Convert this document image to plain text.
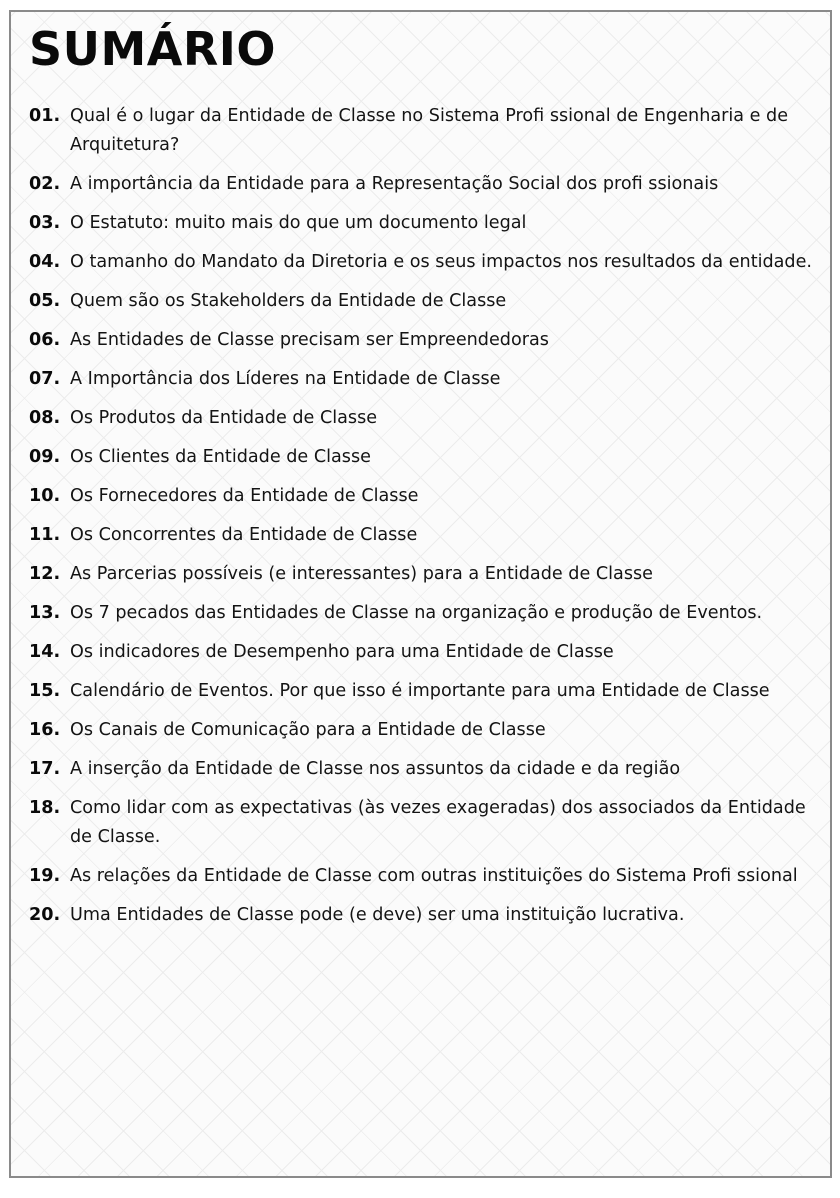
SUMÁRIO
01. Qual é o lugar da Entidade de Classe no Sistema Profi ssional de Engenharia e de Arquitetura?
02. A importância da Entidade para a Representação Social dos profi ssionais
03. O Estatuto: muito mais do que um documento legal
04. O tamanho do Mandato da Diretoria e os seus impactos nos resultados da entidade.
05. Quem são os Stakeholders da Entidade de Classe
06. As Entidades de Classe precisam ser Empreendedoras
07. A Importância dos Líderes na Entidade de Classe
08. Os Produtos da Entidade de Classe
09. Os Clientes da Entidade de Classe
10. Os Fornecedores da Entidade de Classe
11. Os Concorrentes da Entidade de Classe
12. As Parcerias possíveis (e interessantes) para a Entidade de Classe
13. Os 7 pecados das Entidades de Classe na organização e produção de Eventos.
14. Os indicadores de Desempenho para uma Entidade de Classe
15. Calendário de Eventos. Por que isso é importante para uma Entidade de Classe
16. Os Canais de Comunicação para a Entidade de Classe
17. A inserção da Entidade de Classe nos assuntos da cidade e da região
18. Como lidar com as expectativas (às vezes exageradas) dos associados da Entidade de Classe.
19. As relações da Entidade de Classe com outras instituições do Sistema Profi ssional
20. Uma Entidades de Classe pode (e deve) ser uma instituição lucrativa.
